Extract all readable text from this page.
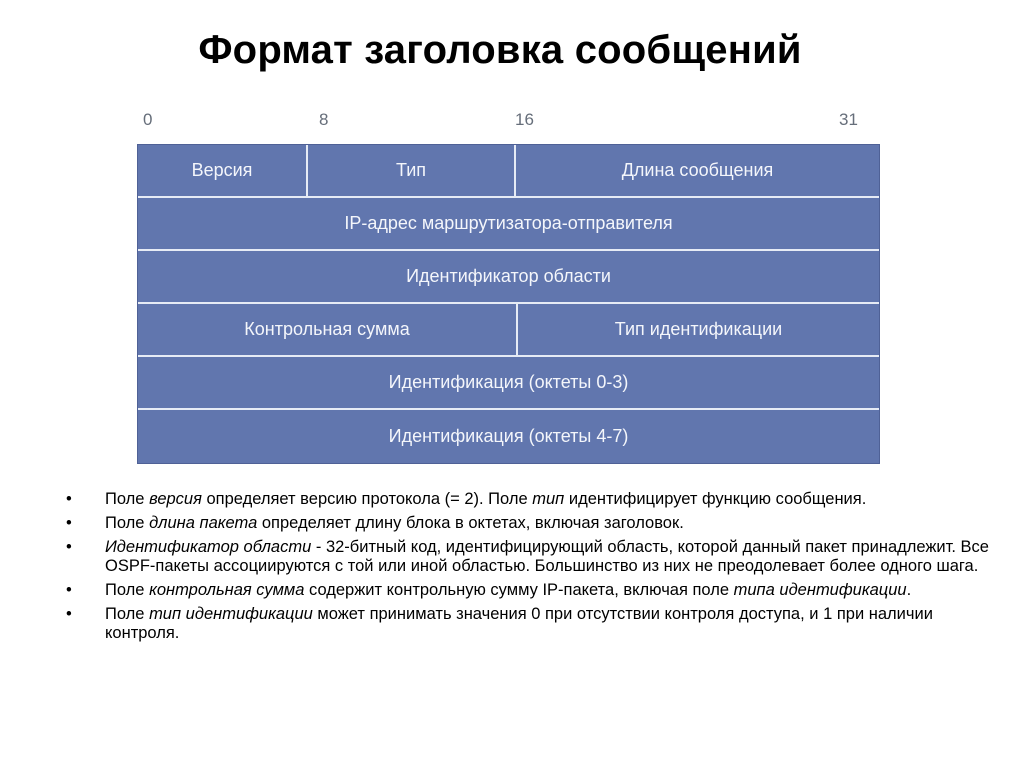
Формат заголовка сообщений
0	8	16	31
Версия	Тип	Длина сообщения
IP-адрес маршрутизатора-отправителя
Идентификатор области
Контрольная сумма	Тип идентификации
Идентификация (октеты 0-3)
Идентификация (октеты 4-7)
• Поле версия определяет версию протокола (= 2). Поле тип идентифицирует функцию сообщения.
• Поле длина пакета определяет длину блока в октетах, включая заголовок.
• Идентификатор области - 32-битный код, идентифицирующий область, которой данный пакет принадлежит. Все OSPF-пакеты ассоциируются с той или иной областью. Большинство из них не преодолевает более одного шага.
• Поле контрольная сумма содержит контрольную сумму IP-пакета, включая поле типа идентификации.
• Поле тип идентификации может принимать значения 0 при отсутствии контроля доступа, и 1 при наличии контроля.
